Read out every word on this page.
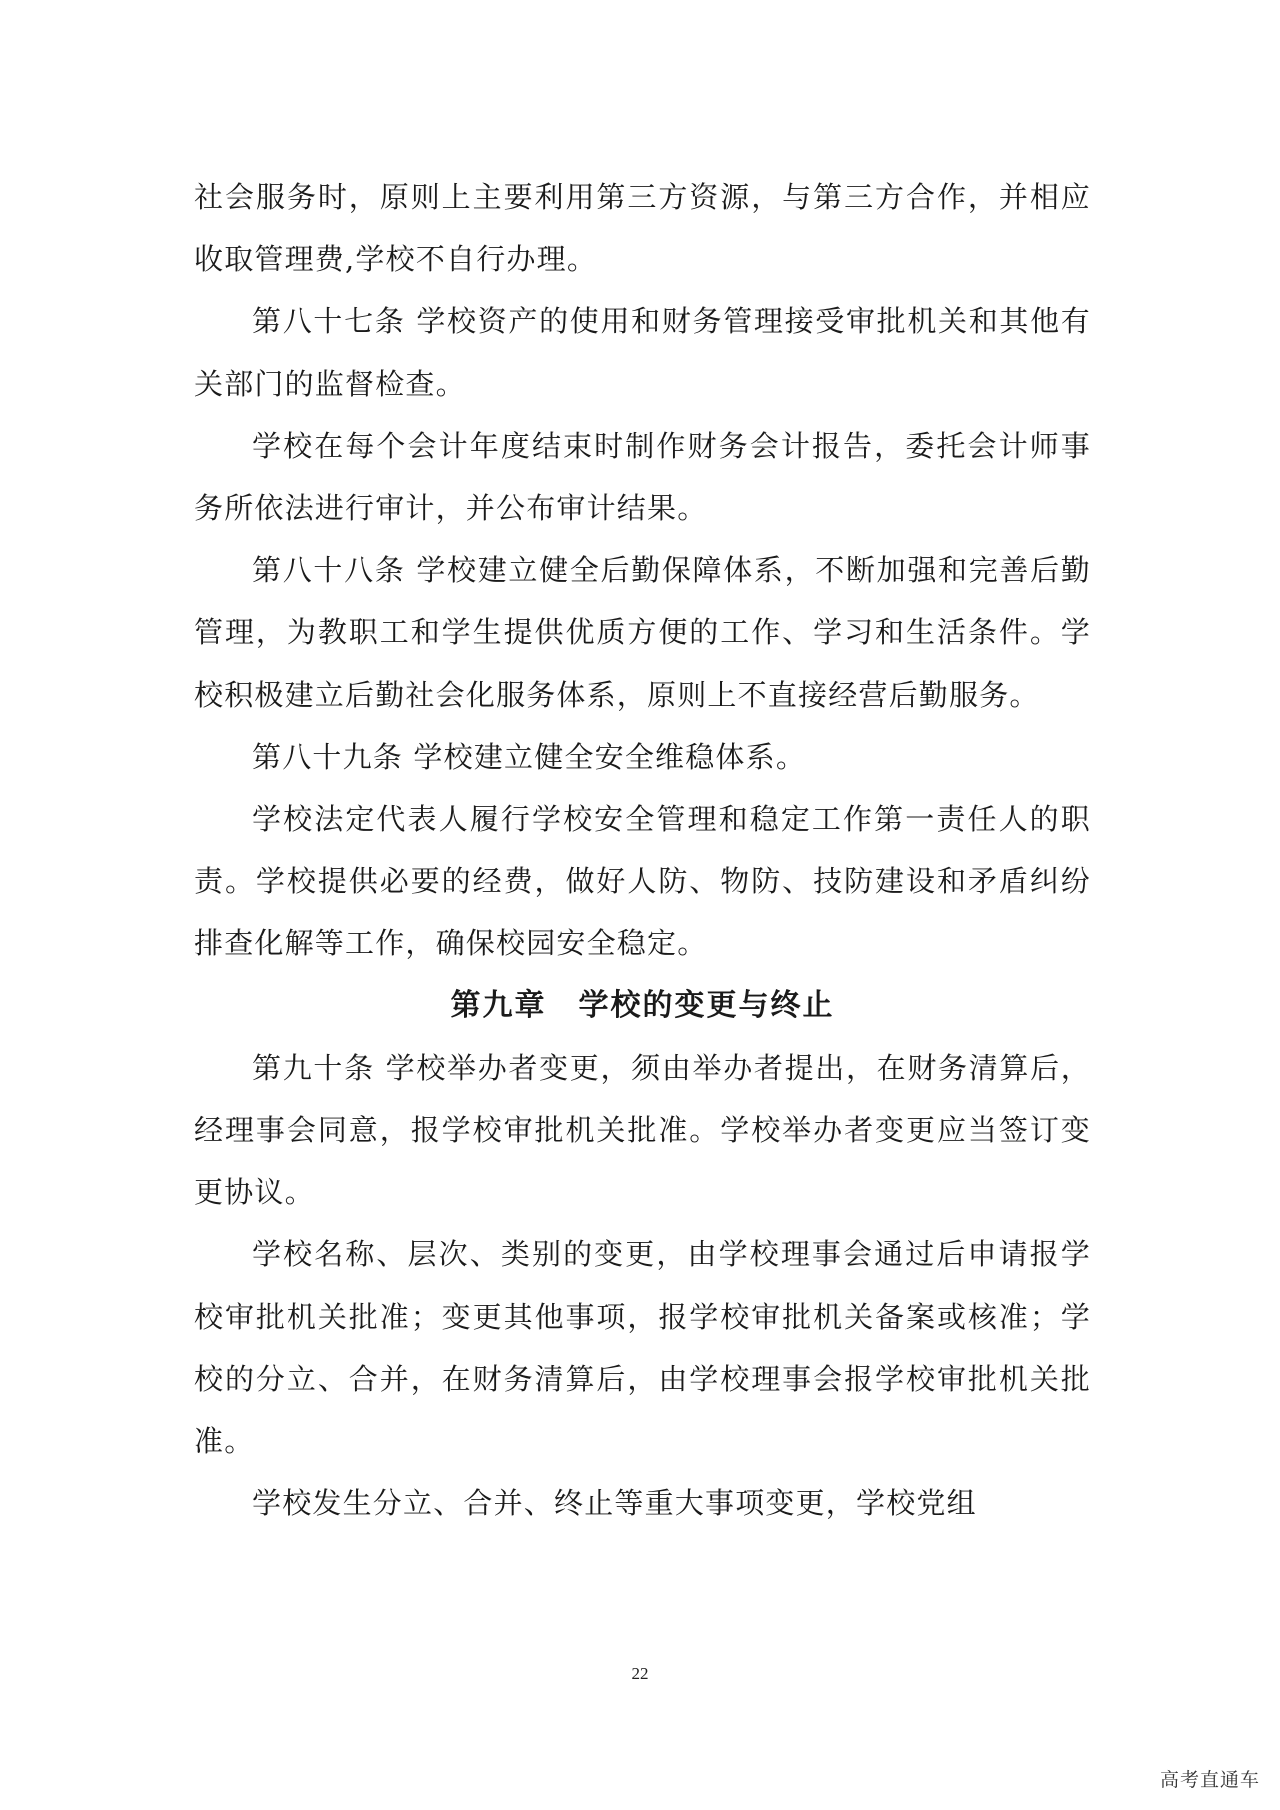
社会服务时，原则上主要利用第三方资源，与第三方合作，并相应收取管理费,学校不自行办理。

第八十七条 学校资产的使用和财务管理接受审批机关和其他有关部门的监督检查。

学校在每个会计年度结束时制作财务会计报告，委托会计师事务所依法进行审计，并公布审计结果。

第八十八条 学校建立健全后勤保障体系，不断加强和完善后勤管理，为教职工和学生提供优质方便的工作、学习和生活条件。学校积极建立后勤社会化服务体系，原则上不直接经营后勤服务。

第八十九条 学校建立健全安全维稳体系。

学校法定代表人履行学校安全管理和稳定工作第一责任人的职责。学校提供必要的经费，做好人防、物防、技防建设和矛盾纠纷排查化解等工作，确保校园安全稳定。

第九章　学校的变更与终止

第九十条 学校举办者变更，须由举办者提出，在财务清算后，经理事会同意，报学校审批机关批准。学校举办者变更应当签订变更协议。

学校名称、层次、类别的变更，由学校理事会通过后申请报学校审批机关批准；变更其他事项，报学校审批机关备案或核准；学校的分立、合并，在财务清算后，由学校理事会报学校审批机关批准。

学校发生分立、合并、终止等重大事项变更，学校党组

22
高考直通车
